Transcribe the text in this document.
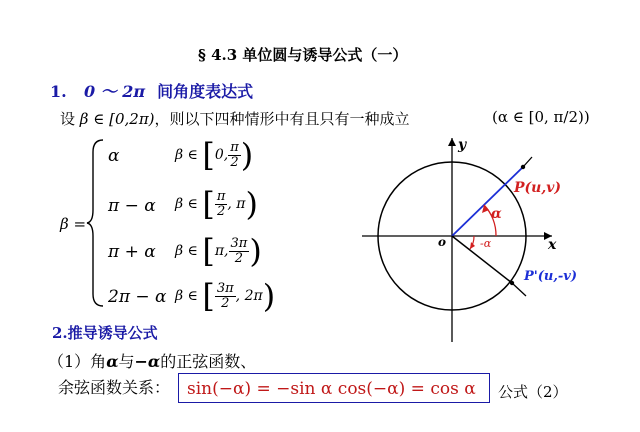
§ 4.3 单位圆与诱导公式（一）
1. 0 ～ 2π 间角度表达式
设 β ∈ [0,2π)，则以下四种情形中有且只有一种成立	(α ∈ [0, π/2))
β =
α	β ∈ [0, $\frac{\pi}{2}$ )
π − α β ∈ [ $\frac{\pi}{2}$ , π)
π + α β ∈ [π, $\frac{3\pi}{2}$ )
2π − α β ∈ [ $\frac{3\pi}{2}$ , 2π)
x
y
o
P(u,v)
P'(u,-v)
α
-α
2.推导诱导公式
（1）角α与−α的正弦函数、
余弦函数关系： sin(−α) = −sin α cos(−α) = cos α	公式（2）
